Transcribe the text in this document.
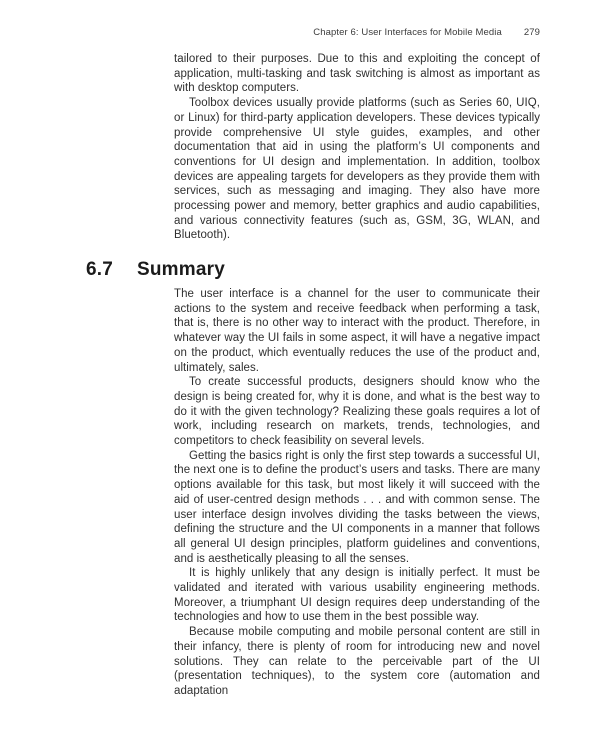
Chapter 6: User Interfaces for Mobile Media 279

tailored to their purposes. Due to this and exploiting the concept of application, multi-tasking and task switching is almost as important as with desktop computers.

Toolbox devices usually provide platforms (such as Series 60, UIQ, or Linux) for third-party application developers. These devices typically provide comprehensive UI style guides, examples, and other documentation that aid in using the platform’s UI components and conventions for UI design and implementation. In addition, toolbox devices are appealing targets for developers as they provide them with services, such as messaging and imaging. They also have more processing power and memory, better graphics and audio capabilities, and various connectivity features (such as, GSM, 3G, WLAN, and Bluetooth).

6.7	Summary

The user interface is a channel for the user to communicate their actions to the system and receive feedback when performing a task, that is, there is no other way to interact with the product. Therefore, in whatever way the UI fails in some aspect, it will have a negative impact on the product, which eventually reduces the use of the product and, ultimately, sales.

To create successful products, designers should know who the design is being created for, why it is done, and what is the best way to do it with the given technology? Realizing these goals requires a lot of work, including research on markets, trends, technologies, and competitors to check feasibility on several levels.

Getting the basics right is only the first step towards a successful UI, the next one is to define the product’s users and tasks. There are many options available for this task, but most likely it will succeed with the aid of user-centred design methods . . . and with common sense. The user interface design involves dividing the tasks between the views, defining the structure and the UI components in a manner that follows all general UI design principles, platform guidelines and conventions, and is aesthetically pleasing to all the senses.

It is highly unlikely that any design is initially perfect. It must be validated and iterated with various usability engineering methods. Moreover, a triumphant UI design requires deep understanding of the technologies and how to use them in the best possible way.

Because mobile computing and mobile personal content are still in their infancy, there is plenty of room for introducing new and novel solutions. They can relate to the perceivable part of the UI (presentation techniques), to the system core (automation and adaptation
